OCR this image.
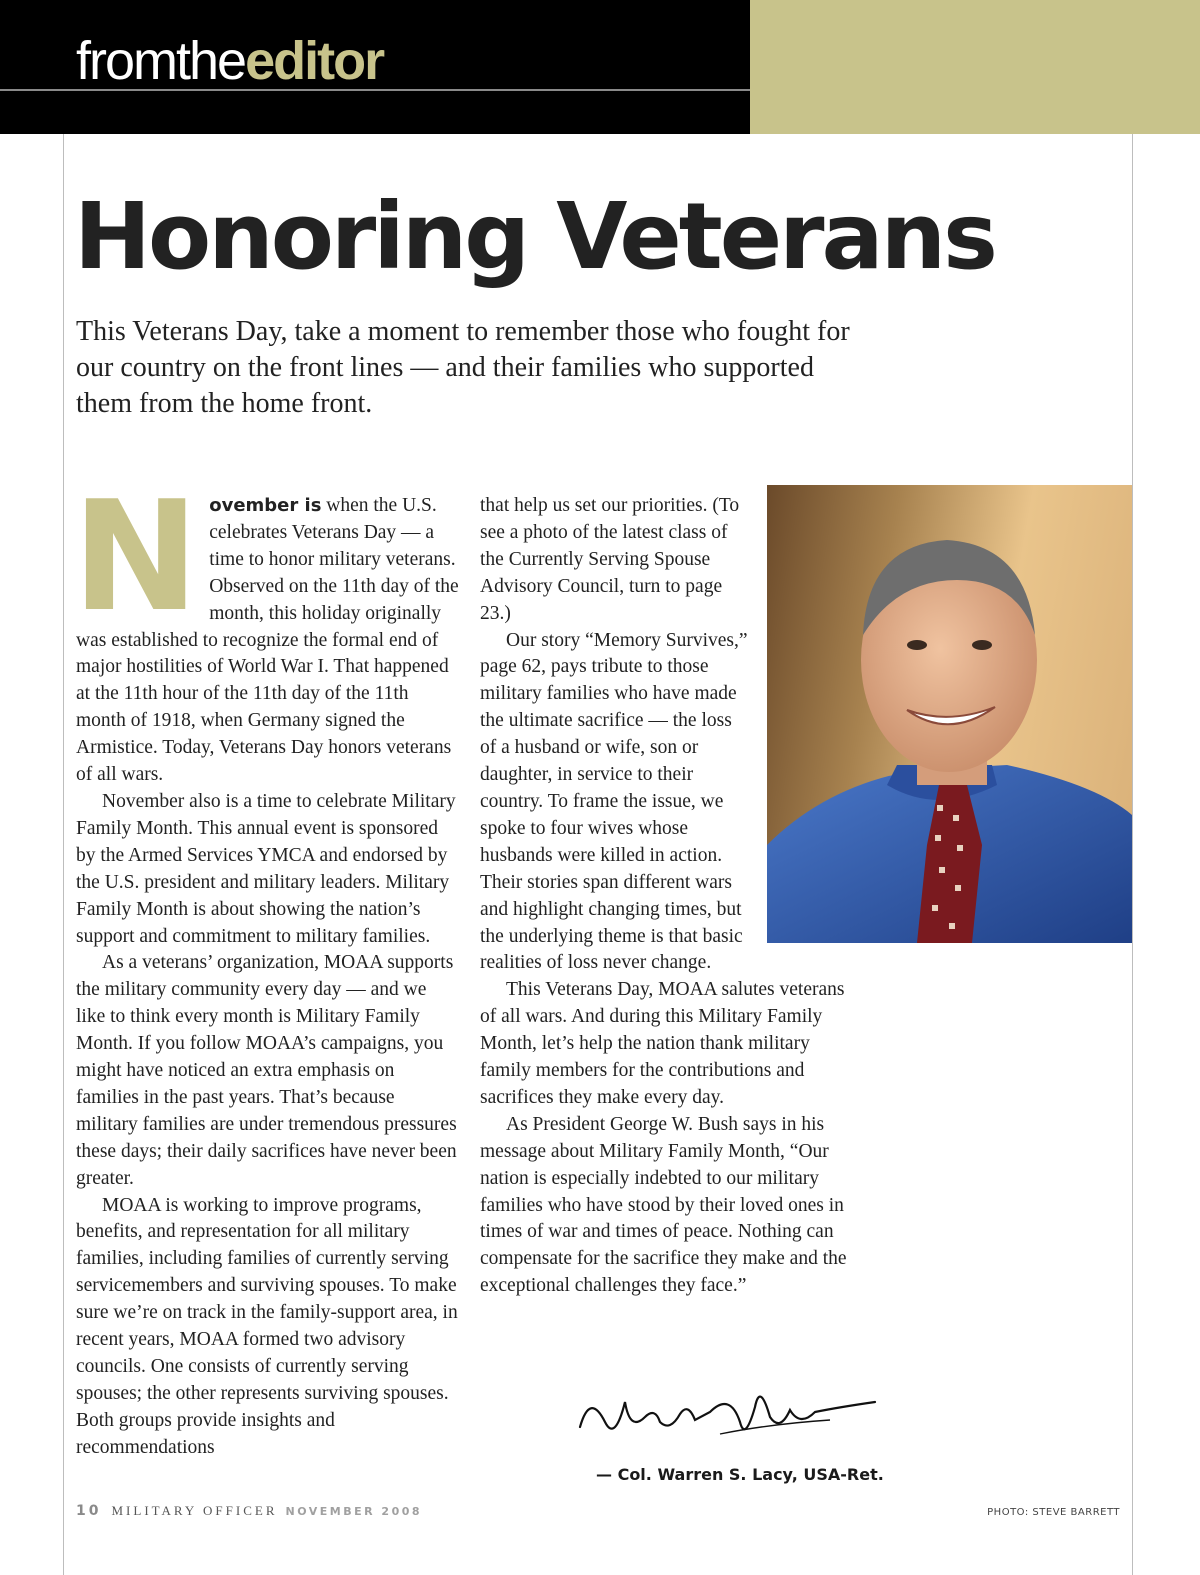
fromtheeditor
Honoring Veterans

This Veterans Day, take a moment to remember those who fought for our country on the front lines — and their families who supported them from the home front.

November is when the U.S. celebrates Veterans Day — a time to honor military veterans. Observed on the 11th day of the month, this holiday originally was established to recognize the formal end of major hostilities of World War I. That happened at the 11th hour of the 11th day of the 11th month of 1918, when Germany signed the Armistice. Today, Veterans Day honors veterans of all wars.

November also is a time to celebrate Military Family Month. This annual event is sponsored by the Armed Services YMCA and endorsed by the U.S. president and military leaders. Military Family Month is about showing the nation’s support and commitment to military families.

As a veterans’ organization, MOAA supports the military community every day — and we like to think every month is Military Family Month. If you follow MOAA’s campaigns, you might have noticed an extra emphasis on families in the past years. That’s because military families are under tremendous pressures these days; their daily sacrifices have never been greater.

MOAA is working to improve programs, benefits, and representation for all military families, including families of currently serving servicemembers and surviving spouses. To make sure we’re on track in the family-support area, in recent years, MOAA formed two advisory councils. One consists of currently serving spouses; the other represents surviving spouses. Both groups provide insights and recommendations

that help us set our priorities. (To see a photo of the latest class of the Currently Serving Spouse Advisory Council, turn to page 23.)

Our story “Memory Survives,” page 62, pays tribute to those military families who have made the ultimate sacrifice — the loss of a husband or wife, son or daughter, in service to their country. To frame the issue, we spoke to four wives whose husbands were killed in action. Their stories span different wars and highlight changing times, but the underlying theme is that basic realities of loss never change.

This Veterans Day, MOAA salutes veterans of all wars. And during this Military Family Month, let’s help the nation thank military family members for the contributions and sacrifices they make every day.

As President George W. Bush says in his message about Military Family Month, “Our nation is especially indebted to our military families who have stood by their loved ones in times of war and times of peace. Nothing can compensate for the sacrifice they make and the exceptional challenges they face.”

— Col. Warren S. Lacy, USA-Ret.

10 MILITARY OFFICER NOVEMBER 2008	PHOTO: STEVE BARRETT
